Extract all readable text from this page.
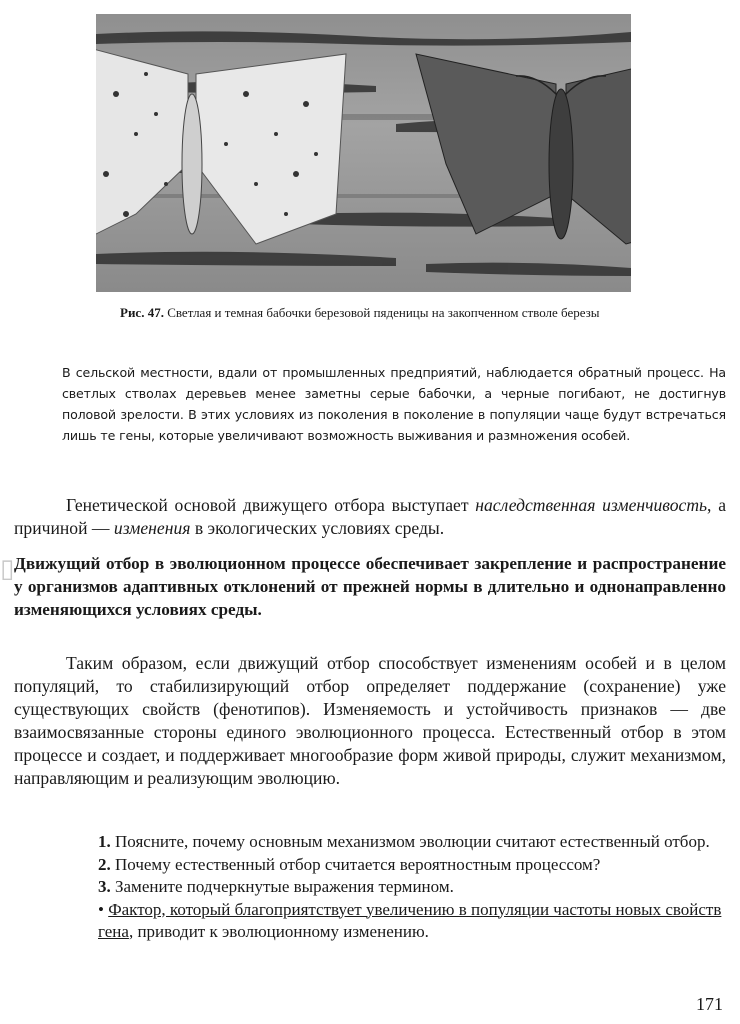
Рис. 47. Светлая и темная бабочки березовой пяденицы на закопченном стволе березы
В сельской местности, вдали от промышленных предприятий, наблюдается обратный процесс. На светлых стволах деревьев менее заметны серые бабочки, а черные погибают, не достигнув половой зрелости. В этих условиях из поколения в поколение в популяции чаще будут встречаться лишь те гены, которые увеличивают возможность выживания и размножения особей.
Генетической основой движущего отбора выступает наследственная изменчивость, а причиной — изменения в экологических условиях среды.
▯ Движущий отбор в эволюционном процессе обеспечивает закрепление и распространение у организмов адаптивных отклонений от прежней нормы в длительно и однонаправленно изменяющихся условиях среды.
Таким образом, если движущий отбор способствует изменениям особей и в целом популяций, то стабилизирующий отбор определяет поддержание (сохранение) уже существующих свойств (фенотипов). Изменяемость и устойчивость признаков — две взаимосвязанные стороны единого эволюционного процесса. Естественный отбор в этом процессе и создает, и поддерживает многообразие форм живой природы, служит механизмом, направляющим и реализующим эволюцию.
1. Поясните, почему основным механизмом эволюции считают естественный отбор.
2. Почему естественный отбор считается вероятностным процессом?
3. Замените подчеркнутые выражения термином.
• Фактор, который благоприятствует увеличению в популяции частоты новых свойств гена, приводит к эволюционному изменению.
171
